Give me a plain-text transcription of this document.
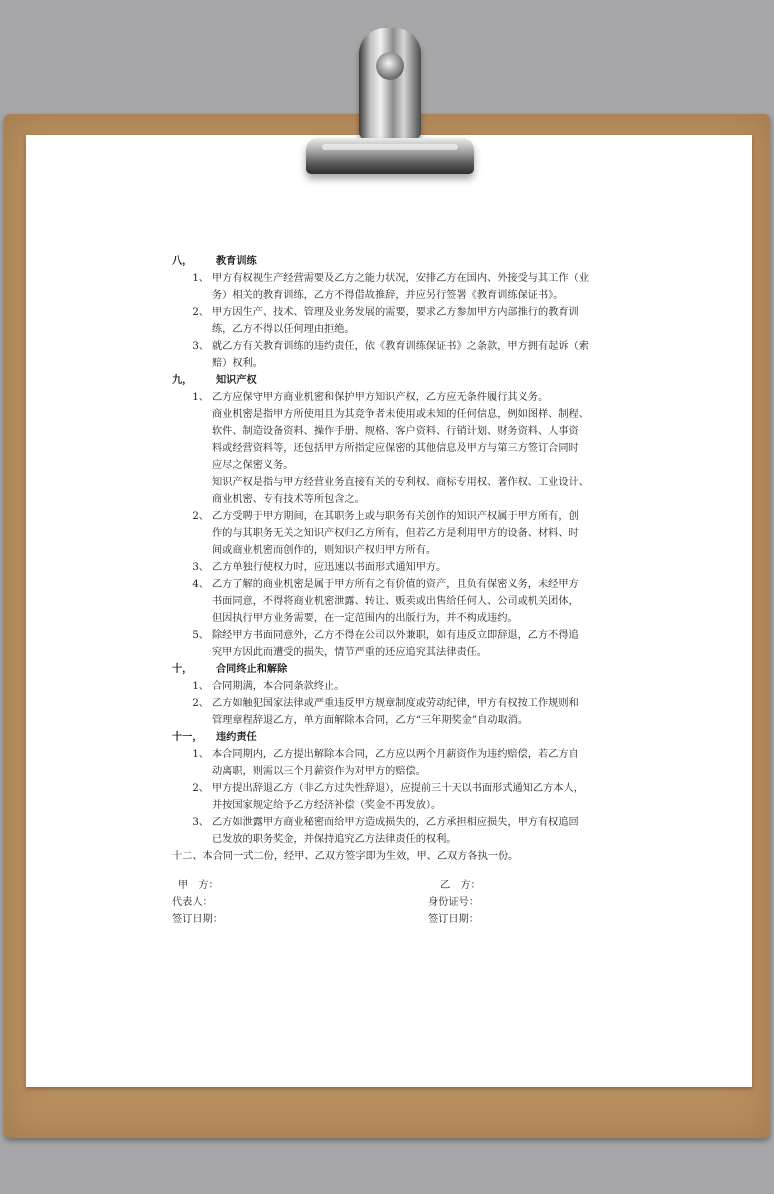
八，	教育训练
1、 甲方有权视生产经营需要及乙方之能力状况，安排乙方在国内、外接受与其工作（业
务）相关的教育训练，乙方不得借故推辞，并应另行签署《教育训练保证书》。
2、 甲方因生产、技术、管理及业务发展的需要，要求乙方参加甲方内部推行的教育训
练，乙方不得以任何理由拒绝。
3、 就乙方有关教育训练的违约责任，依《教育训练保证书》之条款，甲方拥有起诉（索
赔）权利。
九，	知识产权
1、 乙方应保守甲方商业机密和保护甲方知识产权，乙方应无条件履行其义务。
商业机密是指甲方所使用且为其竞争者未使用或未知的任何信息，例如图样、制程、
软件、制造设备资料、操作手册、规格、客户资料、行销计划、财务资料、人事资
料或经营资料等，还包括甲方所指定应保密的其他信息及甲方与第三方签订合同时
应尽之保密义务。
知识产权是指与甲方经营业务直接有关的专利权、商标专用权、著作权、工业设计、
商业机密、专有技术等所包含之。
2、 乙方受聘于甲方期间，在其职务上或与职务有关创作的知识产权属于甲方所有，创
作的与其职务无关之知识产权归乙方所有，但若乙方是利用甲方的设备、材料、时
间或商业机密而创作的，则知识产权归甲方所有。
3、 乙方单独行使权力时，应迅速以书面形式通知甲方。
4、 乙方了解的商业机密是属于甲方所有之有价值的资产，且负有保密义务，未经甲方
书面同意，不得将商业机密泄露、转让、贩卖或出售给任何人、公司或机关团体，
但因执行甲方业务需要，在一定范围内的出版行为，并不构成违约。
5、 除经甲方书面同意外，乙方不得在公司以外兼职，如有违反立即辞退，乙方不得追
究甲方因此而遭受的损失，情节严重的还应追究其法律责任。
十，	合同终止和解除
1、 合同期满，本合同条款终止。
2、 乙方如触犯国家法律或严重违反甲方规章制度或劳动纪律，甲方有权按工作规则和
管理章程辞退乙方，单方面解除本合同，乙方“三年期奖金”自动取消。
十一，	违约责任
1、 本合同期内，乙方提出解除本合同，乙方应以两个月薪资作为违约赔偿，若乙方自
动离职，则需以三个月薪资作为对甲方的赔偿。
2、 甲方提出辞退乙方（非乙方过失性辞退），应提前三十天以书面形式通知乙方本人，
并按国家规定给予乙方经济补偿（奖金不再发放）。
3、 乙方如泄露甲方商业秘密而给甲方造成损失的，乙方承担相应损失，甲方有权追回
已发放的职务奖金，并保持追究乙方法律责任的权利。
十二、本合同一式二份，经甲、乙双方签字即为生效，甲、乙双方各执一份。
甲　方：	乙　方：
代表人：	身份证号：
签订日期：	签订日期：
